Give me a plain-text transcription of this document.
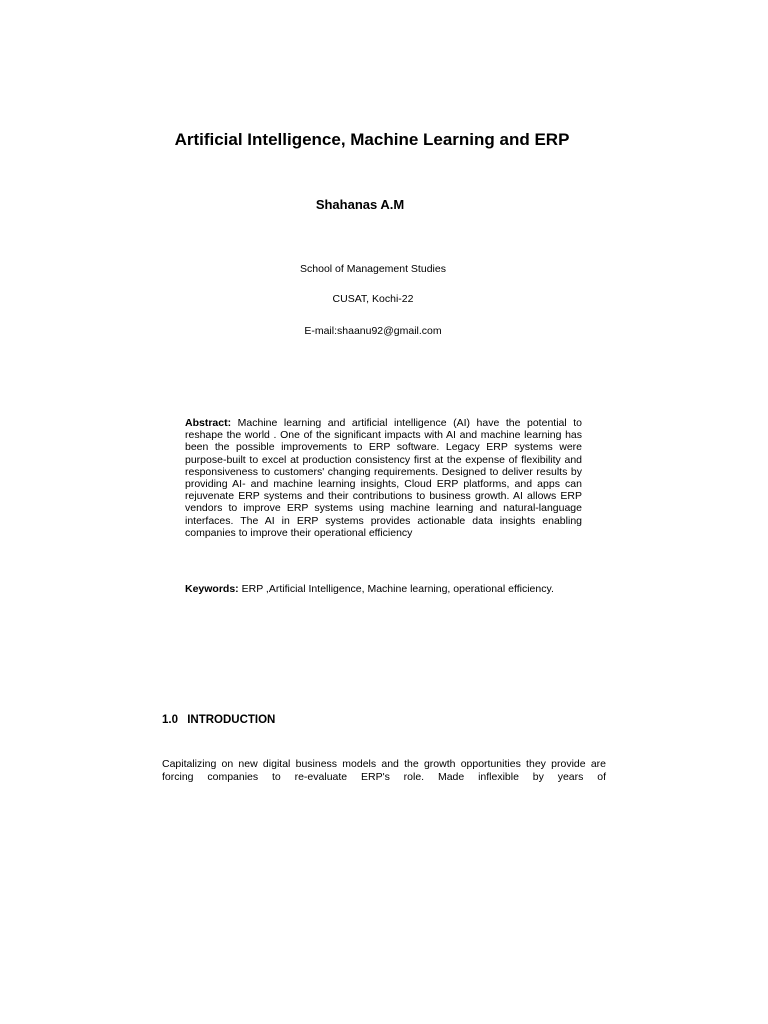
Artificial Intelligence, Machine Learning and ERP
Shahanas A.M
School of Management Studies
CUSAT, Kochi-22
E-mail:shaanu92@gmail.com
Abstract: Machine learning and artificial intelligence (AI) have the potential to reshape the world . One of the significant impacts with AI and machine learning has been the possible improvements to ERP software. Legacy ERP systems were purpose-built to excel at production consistency first at the expense of flexibility and responsiveness to customers' changing requirements. Designed to deliver results by providing AI- and machine learning insights, Cloud ERP platforms, and apps can rejuvenate ERP systems and their contributions to business growth. AI allows ERP vendors to improve ERP systems using machine learning and natural-language interfaces. The AI in ERP systems provides actionable data insights enabling companies to improve their operational efficiency
Keywords: ERP ,Artificial Intelligence, Machine learning, operational efficiency.
1.0 INTRODUCTION
Capitalizing on new digital business models and the growth opportunities they provide are forcing companies to re-evaluate ERP's role. Made inflexible by years of
